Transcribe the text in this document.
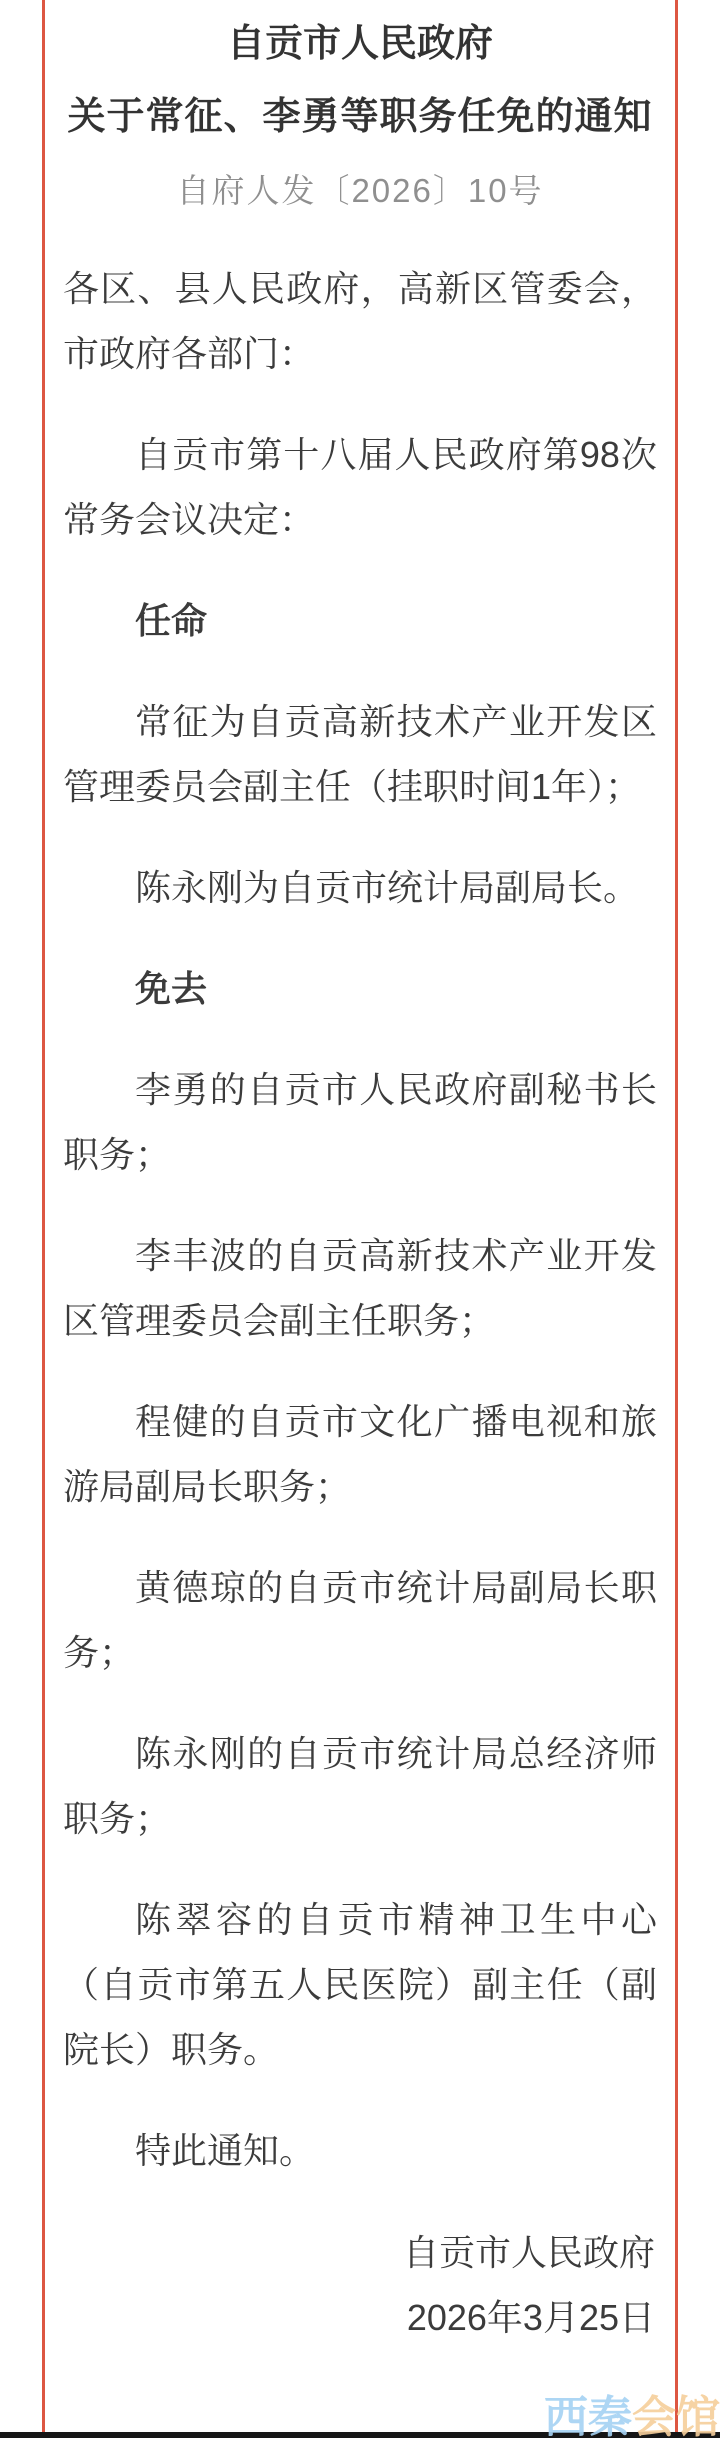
自贡市人民政府
关于常征、李勇等职务任免的通知
自府人发〔2026〕10号

各区、县人民政府，高新区管委会，市政府各部门：

自贡市第十八届人民政府第98次常务会议决定：

任命

常征为自贡高新技术产业开发区管理委员会副主任（挂职时间1年）；

陈永刚为自贡市统计局副局长。

免去

李勇的自贡市人民政府副秘书长职务；

李丰波的自贡高新技术产业开发区管理委员会副主任职务；

程健的自贡市文化广播电视和旅游局副局长职务；

黄德琼的自贡市统计局副局长职务；

陈永刚的自贡市统计局总经济师职务；

陈翠容的自贡市精神卫生中心（自贡市第五人民医院）副主任（副院长）职务。

特此通知。

自贡市人民政府
2026年3月25日
西秦会馆
